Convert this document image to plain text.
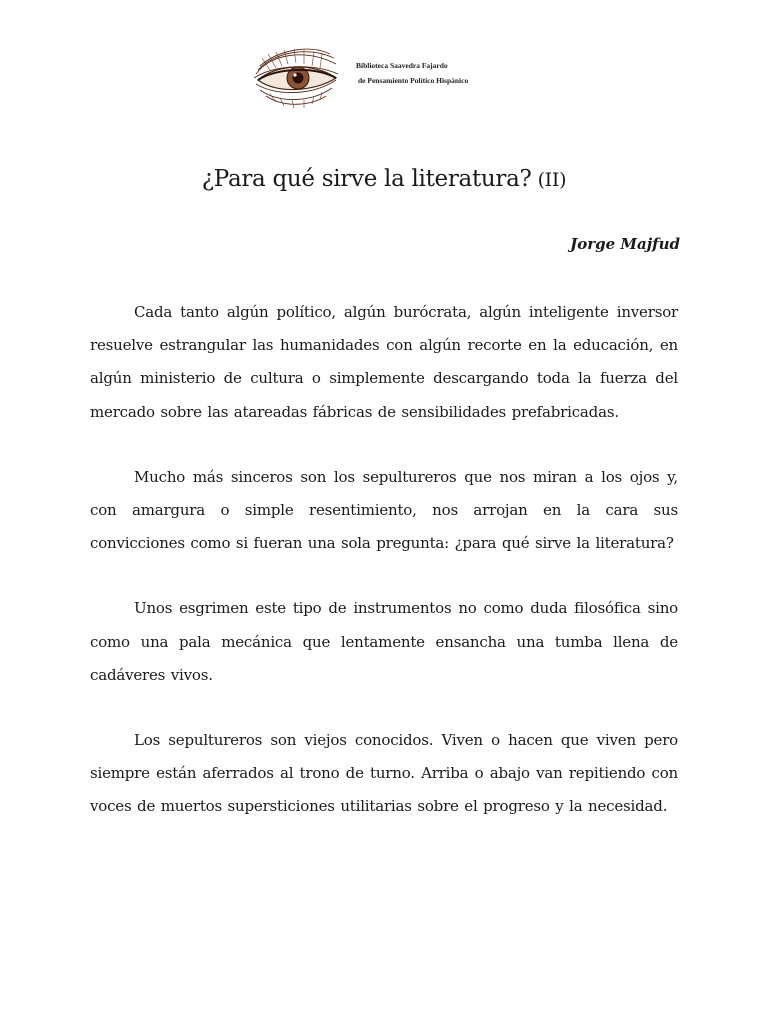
Biblioteca Saavedra Fajardo
de Pensamiento Político Hispánico
¿Para qué sirve la literatura? (II)

Jorge Majfud

Cada tanto algún político, algún burócrata, algún inteligente inversor resuelve estrangular las humanidades con algún recorte en la educación, en algún ministerio de cultura o simplemente descargando toda la fuerza del mercado sobre las atareadas fábricas de sensibilidades prefabricadas.

Mucho más sinceros son los sepultureros que nos miran a los ojos y, con amargura o simple resentimiento, nos arrojan en la cara sus convicciones como si fueran una sola pregunta: ¿para qué sirve la literatura?

Unos esgrimen este tipo de instrumentos no como duda filosófica sino como una pala mecánica que lentamente ensancha una tumba llena de cadáveres vivos.

Los sepultureros son viejos conocidos. Viven o hacen que viven pero siempre están aferrados al trono de turno. Arriba o abajo van repitiendo con voces de muertos supersticiones utilitarias sobre el progreso y la necesidad.
